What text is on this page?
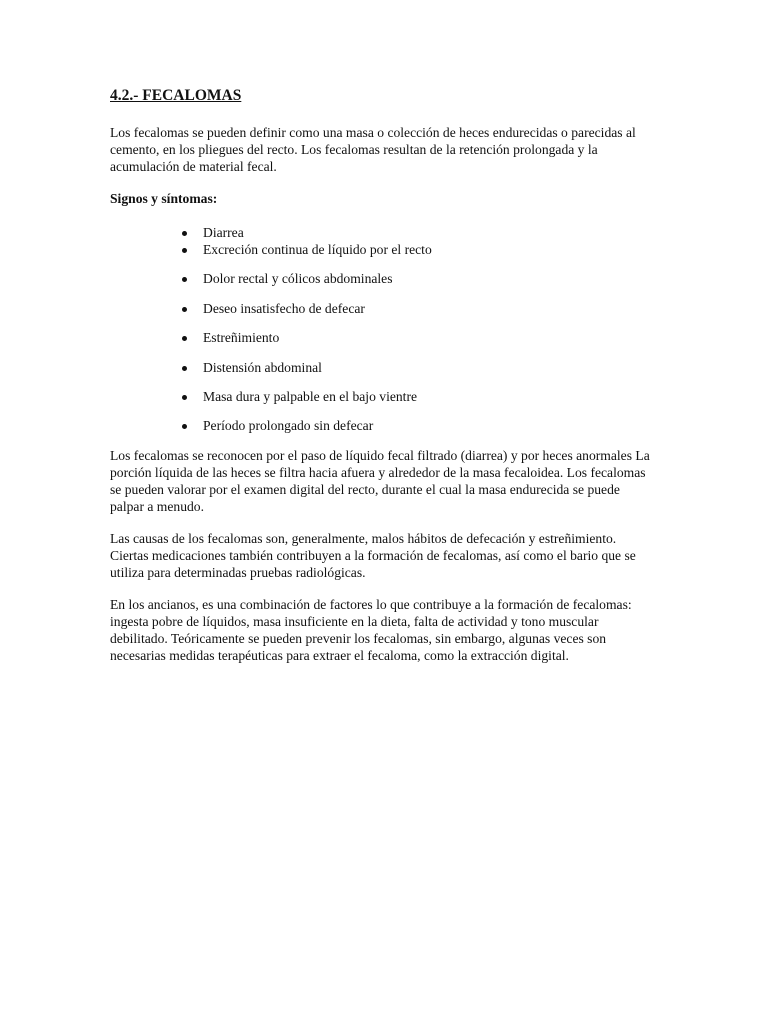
4.2.- FECALOMAS

Los fecalomas se pueden definir como una masa o colección de heces endurecidas o parecidas al cemento, en los pliegues del recto. Los fecalomas resultan de la retención prolongada y la acumulación de material fecal.

Signos y síntomas:

Diarrea
Excreción continua de líquido por el recto
Dolor rectal y cólicos abdominales
Deseo insatisfecho de defecar
Estreñimiento
Distensión abdominal
Masa dura y palpable en el bajo vientre
Período prolongado sin defecar

Los fecalomas se reconocen por el paso de líquido fecal filtrado (diarrea) y por heces anormales La porción líquida de las heces se filtra hacia afuera y alrededor de la masa fecaloidea. Los fecalomas se pueden valorar por el examen digital del recto, durante el cual la masa endurecida se puede palpar a menudo.

Las causas de los fecalomas son, generalmente, malos hábitos de defecación y estreñimiento. Ciertas medicaciones también contribuyen a la formación de fecalomas, así como el bario que se utiliza para determinadas pruebas radiológicas.

En los ancianos, es una combinación de factores lo que contribuye a la formación de fecalomas: ingesta pobre de líquidos, masa insuficiente en la dieta, falta de actividad y tono muscular debilitado. Teóricamente se pueden prevenir los fecalomas, sin embargo, algunas veces son necesarias medidas terapéuticas para extraer el fecaloma, como la extracción digital.
